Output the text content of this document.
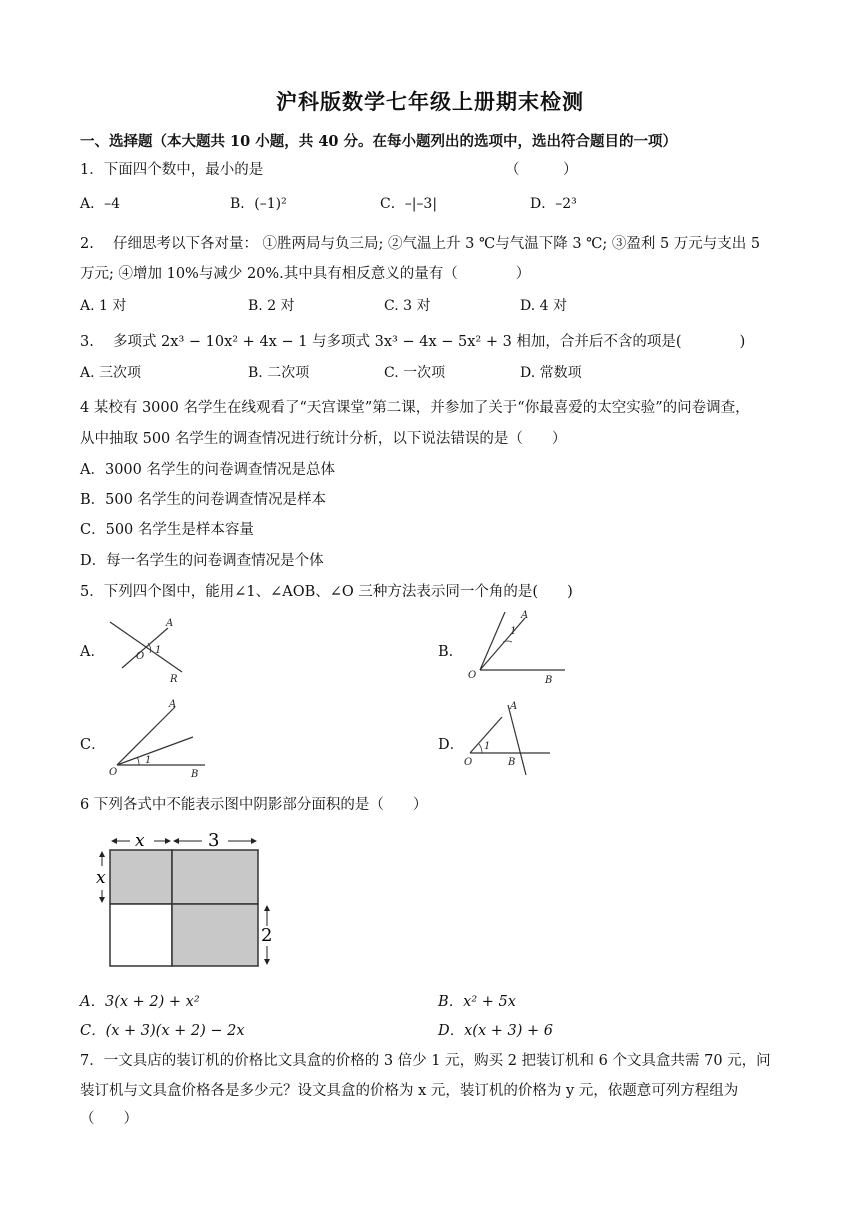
沪科版数学七年级上册期末检测
一、选择题（本大题共 10 小题，共 40 分。在每小题列出的选项中，选出符合题目的一项）
1．下面四个数中，最小的是	（　　　）
A．–4	B．(–1)²	C．–|–3|	D．–2³
2.　 仔细思考以下各对量： ①胜两局与负三局; ②气温上升 3 ℃与气温下降 3 ℃; ③盈利 5 万元与支出 5
万元; ④增加 10%与减少 20%.其中具有相反意义的量有（　　　　）
A. 1 对	B. 2 对	C. 3 对	D. 4 对
3.　 多项式 2x³ − 10x² + 4x − 1 与多项式 3x³ − 4x − 5x² + 3 相加，合并后不含的项是(　　　　)
A. 三次项	B. 二次项	C. 一次项	D. 常数项
4 某校有 3000 名学生在线观看了“天宫课堂”第二课，并参加了关于“你最喜爱的太空实验”的问卷调查，
从中抽取 500 名学生的调查情况进行统计分析，以下说法错误的是（　　）
A．3000 名学生的问卷调查情况是总体
B．500 名学生的问卷调查情况是样本
C．500 名学生是样本容量
D．每一名学生的问卷调查情况是个体
5．下列四个图中，能用∠1、∠AOB、∠O 三种方法表示同一个角的是(　　)
A．
A
O
1
R
B．
A
1
O	B
C．
A
1
O	B
D．
A
1
O	B
6 下列各式中不能表示图中阴影部分面积的是（　　）
x	3
x
2
A．3(x + 2) + x²	B．x² + 5x
C．(x + 3)(x + 2) − 2x	D．x(x + 3) + 6
7．一文具店的装订机的价格比文具盒的价格的 3 倍少 1 元，购买 2 把装订机和 6 个文具盒共需 70 元，问
装订机与文具盒价格各是多少元？设文具盒的价格为 x 元，装订机的价格为 y 元，依题意可列方程组为
（　　）
